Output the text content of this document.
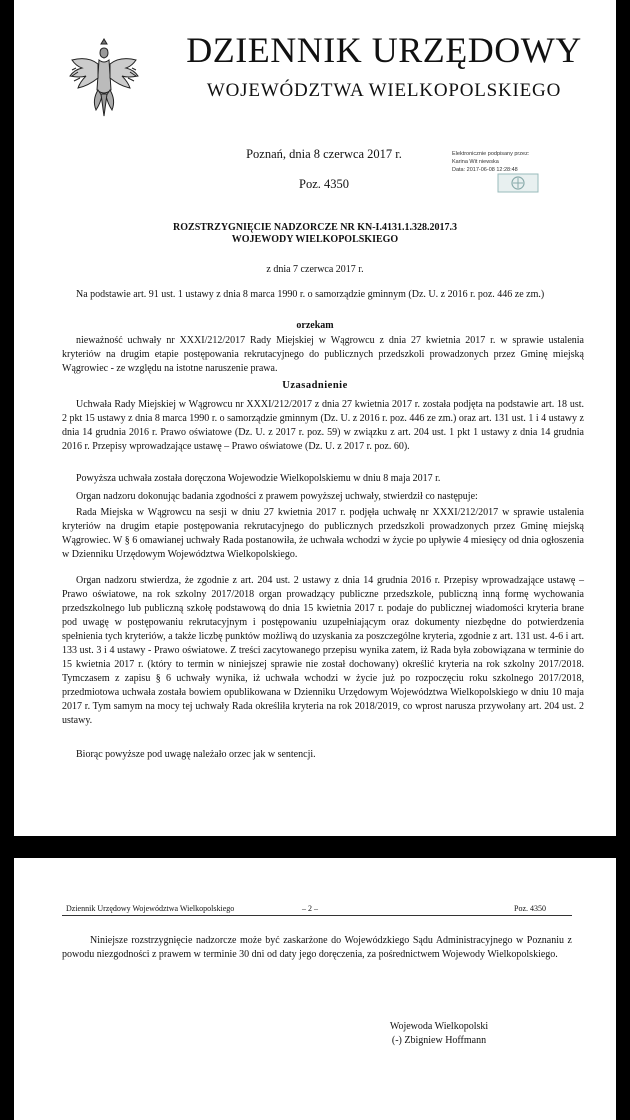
DZIENNIK URZĘDOWY
WOJEWÓDZTWA WIELKOPOLSKIEGO
Poznań, dnia 8 czerwca 2017 r.
Poz. 4350
Elektronicznie podpisany przez:
Karina Wit niewska
Data: 2017-06-08 12:28:48
ROZSTRZYGNIĘCIE NADZORCZE NR KN-I.4131.1.328.2017.3
WOJEWODY WIELKOPOLSKIEGO
z dnia 7 czerwca 2017 r.
Na podstawie art. 91 ust. 1 ustawy z dnia 8 marca 1990 r. o samorządzie gminnym (Dz. U. z 2016 r. poz. 446 ze zm.)
orzekam
nieważność uchwały nr XXXI/212/2017 Rady Miejskiej w Wągrowcu z dnia 27 kwietnia 2017 r. w sprawie ustalenia kryteriów na drugim etapie postępowania rekrutacyjnego do publicznych przedszkoli prowadzonych przez Gminę miejską Wągrowiec - ze względu na istotne naruszenie prawa.
Uzasadnienie
Uchwała Rady Miejskiej w Wągrowcu nr XXXI/212/2017 z dnia 27 kwietnia 2017 r. została podjęta na podstawie art. 18 ust. 2 pkt 15 ustawy z dnia 8 marca 1990 r. o samorządzie gminnym (Dz. U. z 2016 r. poz. 446 ze zm.) oraz art. 131 ust. 1 i 4 ustawy z dnia 14 grudnia 2016 r. Prawo oświatowe (Dz. U. z 2017 r. poz. 59) w związku z art. 204 ust. 1 pkt 1 ustawy z dnia 14 grudnia 2016 r. Przepisy wprowadzające ustawę – Prawo oświatowe (Dz. U. z 2017 r. poz. 60).
Powyższa uchwała została doręczona Wojewodzie Wielkopolskiemu w dniu 8 maja 2017 r.
Organ nadzoru dokonując badania zgodności z prawem powyższej uchwały, stwierdził co następuje:
Rada Miejska w Wągrowcu na sesji w dniu 27 kwietnia 2017 r. podjęła uchwałę nr XXXI/212/2017 w sprawie ustalenia kryteriów na drugim etapie postępowania rekrutacyjnego do publicznych przedszkoli prowadzonych przez Gminę miejską Wągrowiec. W § 6 omawianej uchwały Rada postanowiła, że uchwała wchodzi w życie po upływie 4 miesięcy od dnia ogłoszenia w Dzienniku Urzędowym Województwa Wielkopolskiego.
Organ nadzoru stwierdza, że zgodnie z art. 204 ust. 2 ustawy z dnia 14 grudnia 2016 r. Przepisy wprowadzające ustawę – Prawo oświatowe, na rok szkolny 2017/2018 organ prowadzący publiczne przedszkole, publiczną inną formę wychowania przedszkolnego lub publiczną szkołę podstawową do dnia 15 kwietnia 2017 r. podaje do publicznej wiadomości kryteria brane pod uwagę w postępowaniu rekrutacyjnym i postępowaniu uzupełniającym oraz dokumenty niezbędne do potwierdzenia spełnienia tych kryteriów, a także liczbę punktów możliwą do uzyskania za poszczególne kryteria, zgodnie z art. 131 ust. 4-6 i art. 133 ust. 3 i 4 ustawy - Prawo oświatowe. Z treści zacytowanego przepisu wynika zatem, iż Rada była zobowiązana w terminie do 15 kwietnia 2017 r. (który to termin w niniejszej sprawie nie został dochowany) określić kryteria na rok szkolny 2017/2018. Tymczasem z zapisu § 6 uchwały wynika, iż uchwała wchodzi w życie już po rozpoczęciu roku szkolnego 2017/2018, przedmiotowa uchwała została bowiem opublikowana w Dzienniku Urzędowym Województwa Wielkopolskiego w dniu 10 maja 2017 r. Tym samym na mocy tej uchwały Rada określiła kryteria na rok 2018/2019, co wprost narusza przywołany art. 204 ust. 2 ustawy.
Biorąc powyższe pod uwagę należało orzec jak w sentencji.
Dziennik Urzędowy Województwa Wielkopolskiego	– 2 –	Poz. 4350
Niniejsze rozstrzygnięcie nadzorcze może być zaskarżone do Wojewódzkiego Sądu Administracyjnego w Poznaniu z powodu niezgodności z prawem w terminie 30 dni od daty jego doręczenia, za pośrednictwem Wojewody Wielkopolskiego.
Wojewoda Wielkopolski
(-) Zbigniew Hoffmann
